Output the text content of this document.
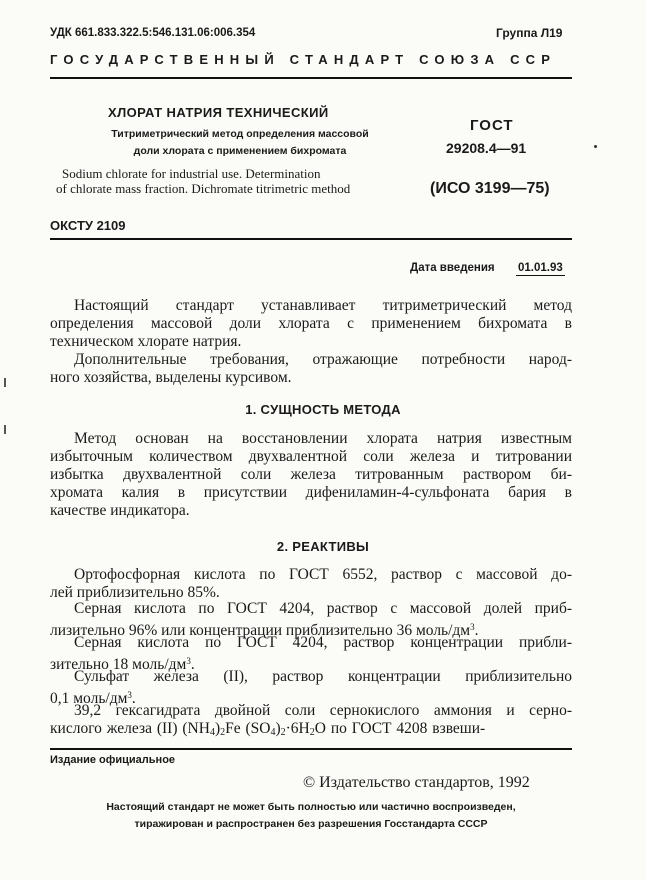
УДК 661.833.322.5:546.131.06:006.354	Группа Л19
ГОСУДАРСТВЕННЫЙ СТАНДАРТ СОЮЗА ССР
ХЛОРАТ НАТРИЯ ТЕХНИЧЕСКИЙ
Титриметрический метод определения массовой
доли хлората с применением бихромата
Sodium chlorate for industrial use. Determination
of chlorate mass fraction. Dichromate titrimetric method
ГОСТ
29208.4—91
(ИСО 3199—75)
ОКСТУ 2109
Дата введения 01.01.93
Настоящий стандарт устанавливает титриметрический метод
определения массовой доли хлората с применением бихромата в
техническом хлорате натрия.
Дополнительные требования, отражающие потребности народ-
ного хозяйства, выделены курсивом.
1. СУЩНОСТЬ МЕТОДА
Метод основан на восстановлении хлората натрия известным
избыточным количеством двухвалентной соли железа и титровании
избытка двухвалентной соли железа титрованным раствором би-
хромата калия в присутствии дифениламин-4-сульфоната бария в
качестве индикатора.
2. РЕАКТИВЫ
Ортофосфорная кислота по ГОСТ 6552, раствор с массовой до-
лей приблизительно 85%.
Серная кислота по ГОСТ 4204, раствор с массовой долей приб-
лизительно 96% или концентрации приблизительно 36 моль/$дм^3$.
Серная кислота по ГОСТ 4204, раствор концентрации прибли-
зительно 18 моль/$дм^3$.
Сульфат железа (II), раствор концентрации приблизительно
0,1 моль/$дм^3$.
39,2 гексагидрата двойной соли сернокислого аммония и серно-
кислого железа (II) $(NH_4)_2Fe$ $(SO_4)_2\cdot 6H_2O$ по ГОСТ 4208 взвеши-
Издание официальное
© Издательство стандартов, 1992
Настоящий стандарт не может быть полностью или частично воспроизведен,
тиражирован и распространен без разрешения Госстандарта СССР
